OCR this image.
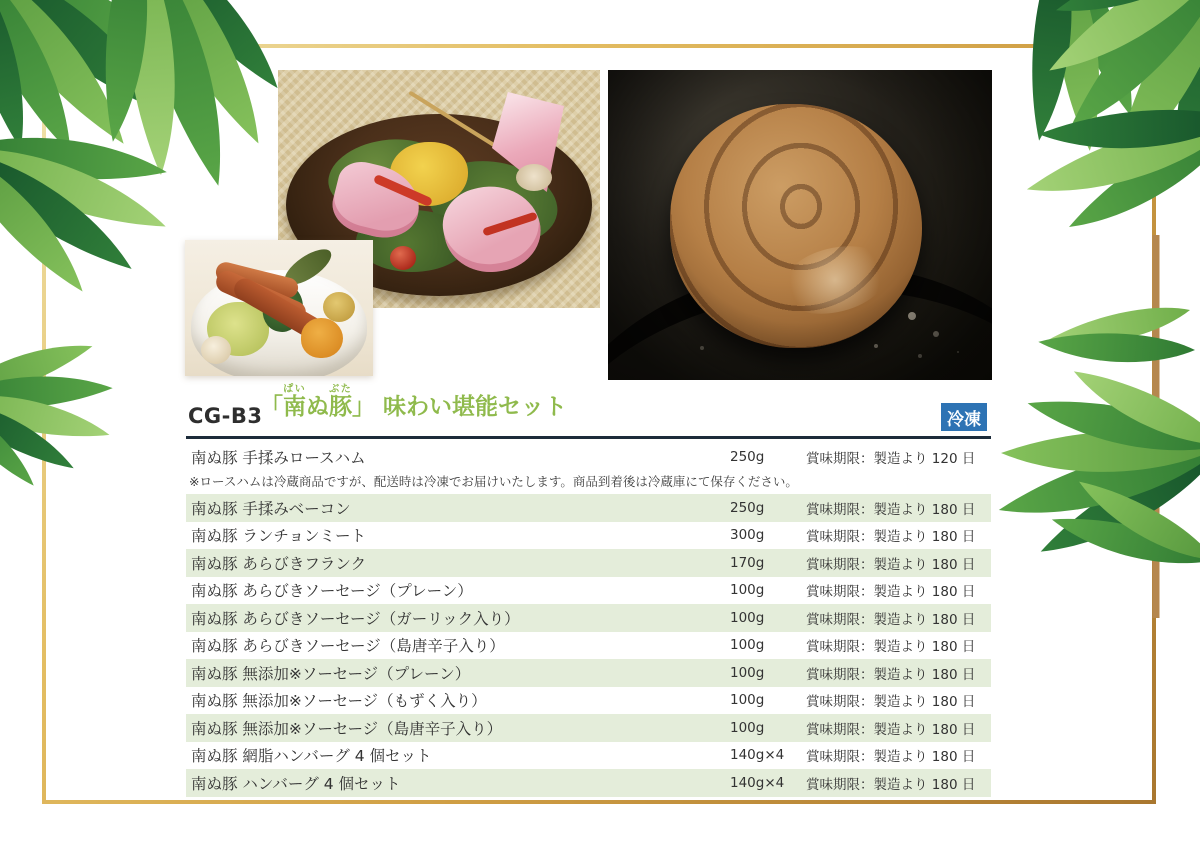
CG-B3
「南ぱいぬ豚ぶた」 味わい堪能セット	冷凍
南ぬ豚 手揉みロースハム	250g	賞味期限：製造より 120 日
※ロースハムは冷蔵商品ですが、配送時は冷凍でお届けいたします。商品到着後は冷蔵庫にて保存ください。
南ぬ豚 手揉みベーコン	250g	賞味期限：製造より 180 日
南ぬ豚 ランチョンミート	300g	賞味期限：製造より 180 日
南ぬ豚 あらびきフランク	170g	賞味期限：製造より 180 日
南ぬ豚 あらびきソーセージ（プレーン）	100g	賞味期限：製造より 180 日
南ぬ豚 あらびきソーセージ（ガーリック入り）	100g	賞味期限：製造より 180 日
南ぬ豚 あらびきソーセージ（島唐辛子入り）	100g	賞味期限：製造より 180 日
南ぬ豚 無添加※ソーセージ（プレーン）	100g	賞味期限：製造より 180 日
南ぬ豚 無添加※ソーセージ（もずく入り）	100g	賞味期限：製造より 180 日
南ぬ豚 無添加※ソーセージ（島唐辛子入り）	100g	賞味期限：製造より 180 日
南ぬ豚 網脂ハンバーグ 4 個セット	140g×4	賞味期限：製造より 180 日
南ぬ豚 ハンバーグ 4 個セット	140g×4	賞味期限：製造より 180 日
